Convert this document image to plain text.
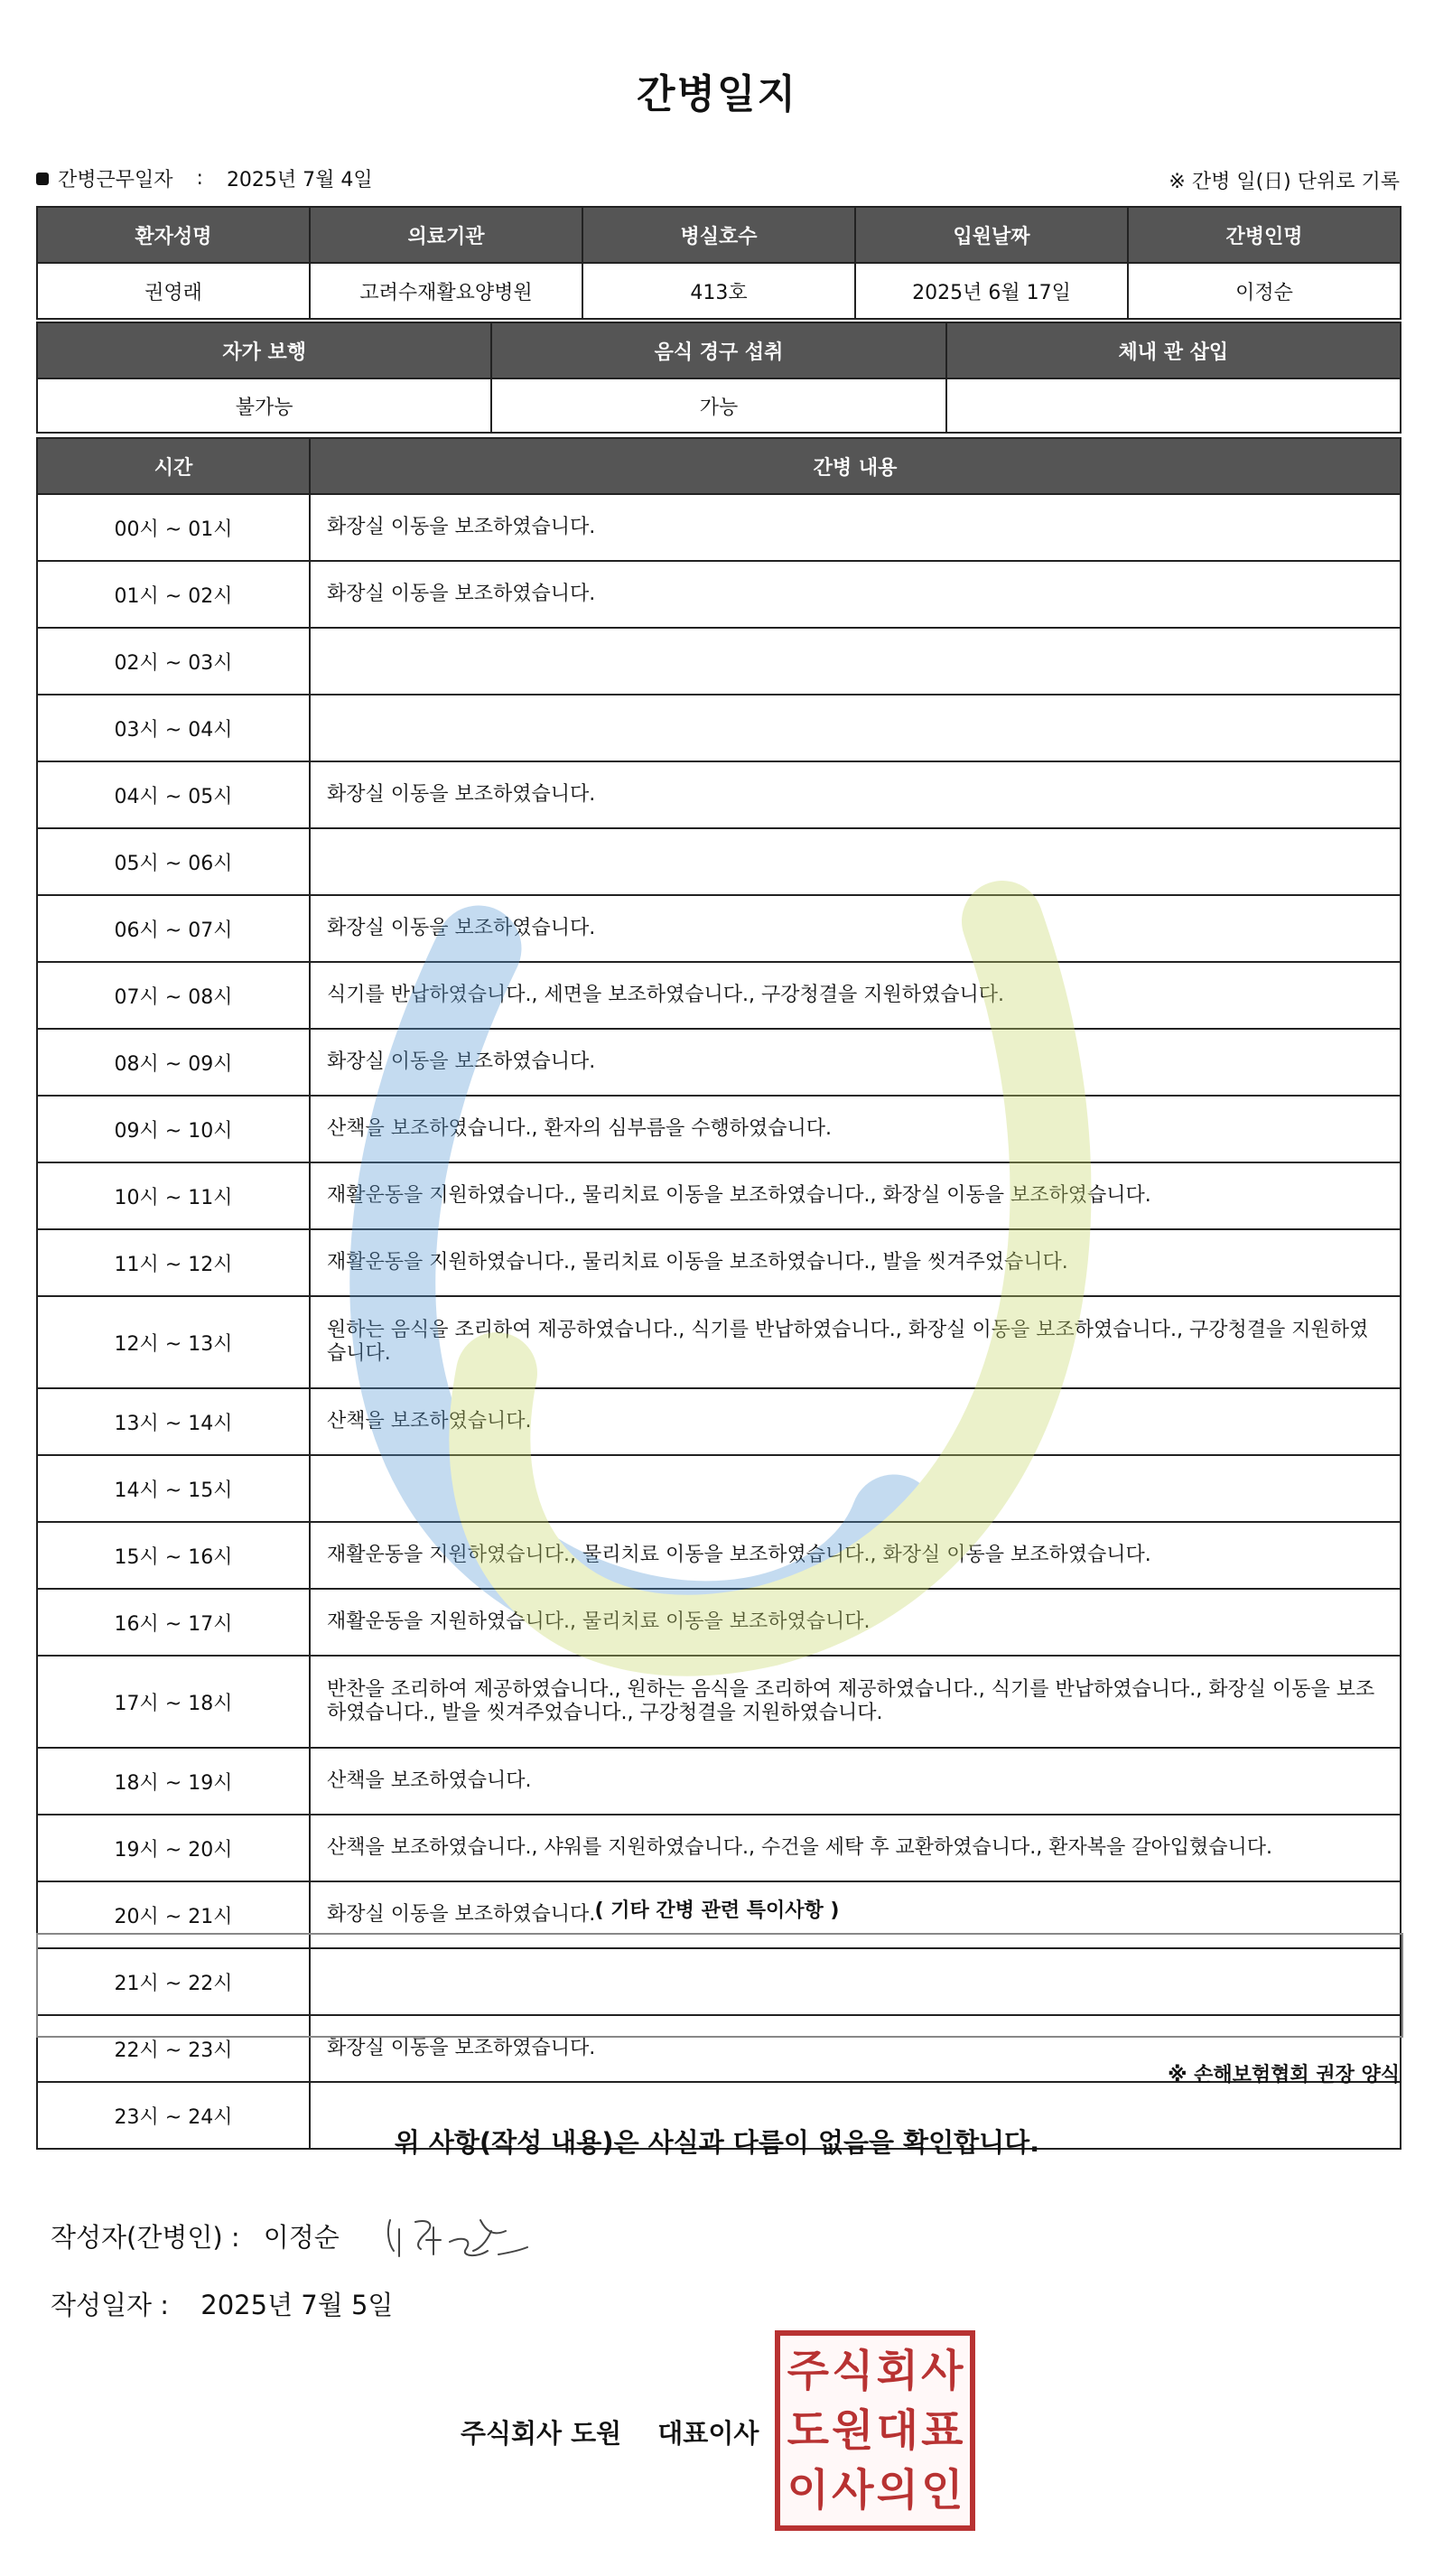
간병일지
간병근무일자 : 2025년 7월 4일	※ 간병 일(日) 단위로 기록
환자성명	의료기관	병실호수	입원날짜	간병인명
권영래	고려수재활요양병원	413호	2025년 6월 17일	이정순
자가 보행	음식 경구 섭취	체내 관 삽입
불가능	가능	
시간	간병 내용
00시 ~ 01시	화장실 이동을 보조하였습니다.
01시 ~ 02시	화장실 이동을 보조하였습니다.
02시 ~ 03시	
03시 ~ 04시	
04시 ~ 05시	화장실 이동을 보조하였습니다.
05시 ~ 06시	
06시 ~ 07시	화장실 이동을 보조하였습니다.
07시 ~ 08시	식기를 반납하였습니다., 세면을 보조하였습니다., 구강청결을 지원하였습니다.
08시 ~ 09시	화장실 이동을 보조하였습니다.
09시 ~ 10시	산책을 보조하였습니다., 환자의 심부름을 수행하였습니다.
10시 ~ 11시	재활운동을 지원하였습니다., 물리치료 이동을 보조하였습니다., 화장실 이동을 보조하였습니다.
11시 ~ 12시	재활운동을 지원하였습니다., 물리치료 이동을 보조하였습니다., 발을 씻겨주었습니다.
12시 ~ 13시	원하는 음식을 조리하여 제공하였습니다., 식기를 반납하였습니다., 화장실 이동을 보조하였습니다., 구강청결을 지원하였습니다.
13시 ~ 14시	산책을 보조하였습니다.
14시 ~ 15시	
15시 ~ 16시	재활운동을 지원하였습니다., 물리치료 이동을 보조하였습니다., 화장실 이동을 보조하였습니다.
16시 ~ 17시	재활운동을 지원하였습니다., 물리치료 이동을 보조하였습니다.
17시 ~ 18시	반찬을 조리하여 제공하였습니다., 원하는 음식을 조리하여 제공하였습니다., 식기를 반납하였습니다., 화장실 이동을 보조하였습니다., 발을 씻겨주었습니다., 구강청결을 지원하였습니다.
18시 ~ 19시	산책을 보조하였습니다.
19시 ~ 20시	산책을 보조하였습니다., 샤워를 지원하였습니다., 수건을 세탁 후 교환하였습니다., 환자복을 갈아입혔습니다.
20시 ~ 21시	화장실 이동을 보조하였습니다.
21시 ~ 22시	
22시 ~ 23시	화장실 이동을 보조하였습니다.
23시 ~ 24시	
( 기타 간병 관련 특이사항 )
※ 손해보험협회 권장 양식
위 사항(작성 내용)은 사실과 다름이 없음을 확인합니다.
작성자(간병인) : 이정순
작성일자 : 2025년 7월 5일
주식회사 도원 대표이사
주 식 회 사
도 원 대 표
이 사 의 인
